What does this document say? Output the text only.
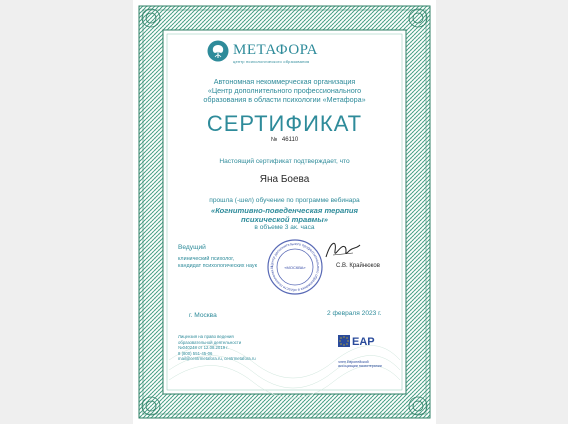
МЕТАФОРА
центр психологического образования
Автономная некоммерческая организация
«Центр дополнительного профессионального
образования в области психологии «Метафора»
СЕРТИФИКАТ
№ 46110
Настоящий сертификат подтверждает, что
Яна Боева
прошла (-шел) обучение по программе вебинара
«Когнитивно-поведенческая терапия
психической травмы»
в объеме 3 ак. часа
Ведущий
клинический психолог,
кандидат психологических наук	Центр дополнительного профессионального образования в области психологии М	«МОСКВА»	С.В. Крайнюков
г. Москва	2 февраля 2023 г.
Лицензия на право ведения
образовательной деятельности
№040248 от 12.08.2019 г.
8 (800) 551-45-06
mail@centrmetafora.ru, centrmetafora.ru
EAP
член Европейской
ассоциации психотерапии
